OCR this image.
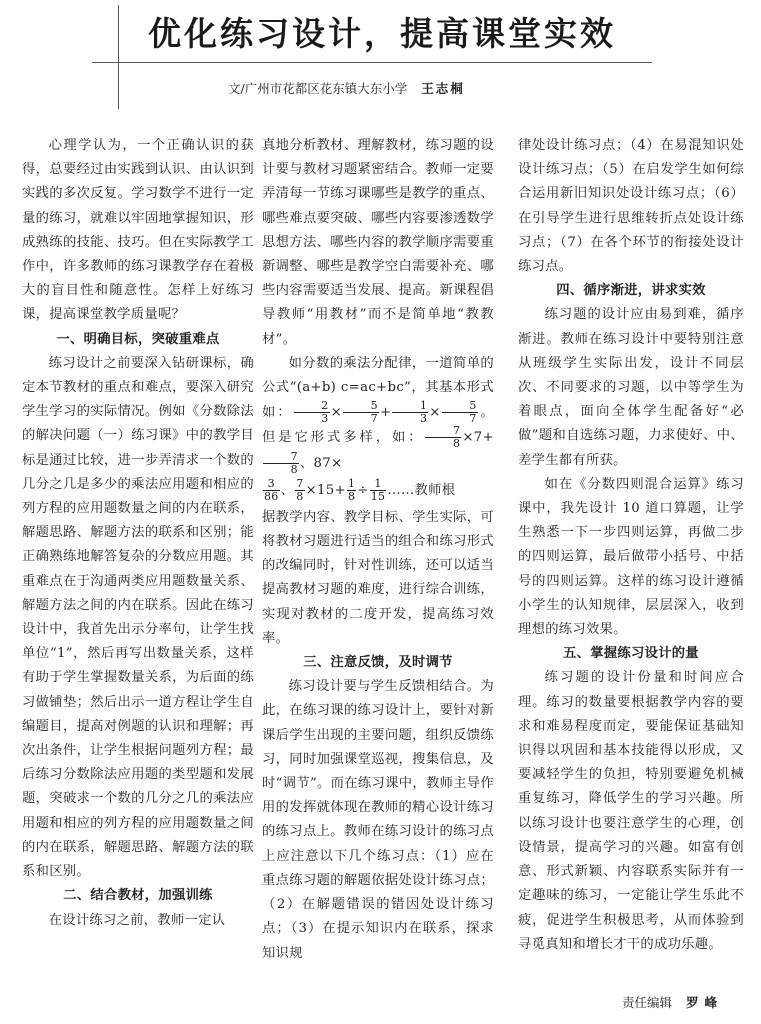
优化练习设计，提高课堂实效

文/广州市花都区花东镇大东小学 王志桐

心理学认为，一个正确认识的获得，总要经过由实践到认识、由认识到实践的多次反复。学习数学不进行一定量的练习，就难以牢固地掌握知识，形成熟练的技能、技巧。但在实际教学工作中，许多教师的练习课教学存在着极大的盲目性和随意性。怎样上好练习课，提高课堂教学质量呢？

一、明确目标，突破重难点

练习设计之前要深入钻研课标，确定本节教材的重点和难点，要深入研究学生学习的实际情况。例如《分数除法的解决问题（一）练习课》中的教学目标是通过比较，进一步弄清求一个数的几分之几是多少的乘法应用题和相应的列方程的应用题数量之间的内在联系，解题思路、解题方法的联系和区别；能正确熟练地解答复杂的分数应用题。其重难点在于沟通两类应用题数量关系、解题方法之间的内在联系。因此在练习设计中，我首先出示分率句，让学生找单位“1”，然后再写出数量关系，这样有助于学生掌握数量关系，为后面的练习做铺垫；然后出示一道方程让学生自编题目，提高对例题的认识和理解；再次出条件，让学生根据问题列方程；最后练习分数除法应用题的类型题和发展题，突破求一个数的几分之几的乘法应用题和相应的列方程的应用题数量之间的内在联系，解题思路、解题方法的联系和区别。

二、结合教材，加强训练

在设计练习之前，教师一定认

真地分析教材、理解教材，练习题的设计要与教材习题紧密结合。教师一定要弄清每一节练习课哪些是教学的重点、哪些难点要突破、哪些内容要渗透数学思想方法、哪些内容的教学顺序需要重新调整、哪些是教学空白需要补充、哪些内容需要适当发展、提高。新课程倡导教师“用教材”而不是简单地“教教材”。

如分数的乘法分配律，一道简单的公式“(a+b) c=ac+bc”，其基本形式如： $\frac{2}{3} \times \frac{5}{7} + \frac{1}{3} \times \frac{5}{7}$ 。但是它形式多样，如： $\frac{7}{8} \times 7+$
$\frac{7}{8}$ 、87×

$\frac{3}{86}$ 、 $\frac{7}{8} \times 15+ \frac{1}{8} \div \frac{1}{15}$ ……教师根

据教学内容、教学目标、学生实际，可将教材习题进行适当的组合和练习形式的改编同时，针对性训练，还可以适当提高教材习题的难度，进行综合训练，实现对教材的二度开发，提高练习效率。

三、注意反馈，及时调节

练习设计要与学生反馈相结合。为此，在练习课的练习设计上，要针对新课后学生出现的主要问题，组织反馈练习，同时加强课堂巡视，搜集信息，及时“调节”。而在练习课中，教师主导作用的发挥就体现在教师的精心设计练习的练习点上。教师在练习设计的练习点上应注意以下几个练习点：（1）应在重点练习题的解题依据处设计练习点；（2）在解题错误的错因处设计练习点；（3）在提示知识内在联系，探求知识规

律处设计练习点；（4）在易混知识处设计练习点；（5）在启发学生如何综合运用新旧知识处设计练习点；（6）在引导学生进行思维转折点处设计练习点；（7）在各个环节的衔接处设计练习点。

四、循序渐进，讲求实效

练习题的设计应由易到难，循序渐进。教师在练习设计中要特别注意从班级学生实际出发，设计不同层次、不同要求的习题，以中等学生为着眼点，面向全体学生配备好“必做”题和自选练习题，力求使好、中、差学生都有所获。

如在《分数四则混合运算》练习课中，我先设计 10 道口算题，让学生熟悉一下一步四则运算，再做二步的四则运算，最后做带小括号、中括号的四则运算。这样的练习设计遵循小学生的认知规律，层层深入，收到理想的练习效果。

五、掌握练习设计的量

练习题的设计份量和时间应合理。练习的数量要根据教学内容的要求和难易程度而定，要能保证基础知识得以巩固和基本技能得以形成，又要减轻学生的负担，特别要避免机械重复练习，降低学生的学习兴趣。所以练习设计也要注意学生的心理，创设情景，提高学习的兴趣。如富有创意、形式新颖、内容联系实际并有一定趣味的练习，一定能让学生乐此不疲，促进学生积极思考，从而体验到寻觅真知和增长才干的成功乐趣。

责任编辑 罗峰
